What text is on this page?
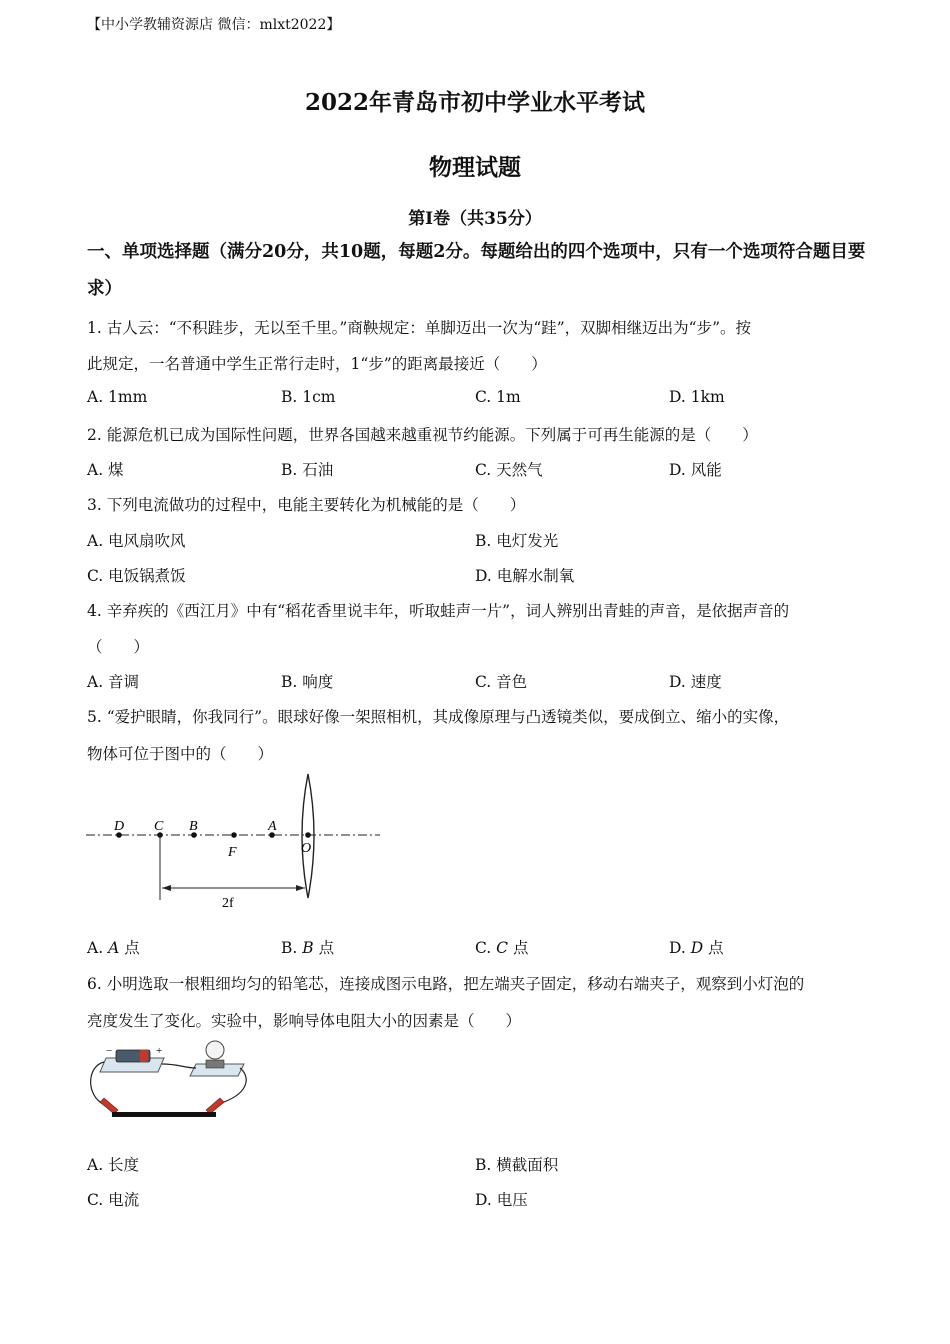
【中小学教辅资源店 微信：mlxt2022】
2022年青岛市初中学业水平考试
物理试题
第I卷（共35分）
一、单项选择题（满分20分，共10题，每题2分。每题给出的四个选项中，只有一个选项符合题目要求）
1. 古人云：“不积跬步，无以至千里。”商鞅规定：单脚迈出一次为“跬”，双脚相继迈出为“步”。按
此规定，一名普通中学生正常行走时，1“步”的距离最接近（　　）
A. 1mm	B. 1cm	C. 1m	D. 1km
2. 能源危机已成为国际性问题，世界各国越来越重视节约能源。下列属于可再生能源的是（　　）
A. 煤	B. 石油	C. 天然气	D. 风能
3. 下列电流做功的过程中，电能主要转化为机械能的是（　　）
A. 电风扇吹风	B. 电灯发光
C. 电饭锅煮饭	D. 电解水制氧
4. 辛弃疾的《西江月》中有“稻花香里说丰年，听取蛙声一片”，词人辨别出青蛙的声音，是依据声音的
（　　）
A. 音调	B. 响度	C. 音色	D. 速度
5. “爱护眼睛，你我同行”。眼球好像一架照相机，其成像原理与凸透镜类似，要成倒立、缩小的实像，
物体可位于图中的（　　）
D C B
F
A
O
2f
A. A 点	B. B 点	C. C 点	D. D 点
6. 小明选取一根粗细均匀的铅笔芯，连接成图示电路，把左端夹子固定，移动右端夹子，观察到小灯泡的
亮度发生了变化。实验中，影响导体电阻大小的因素是（　　）
−	+
A. 长度	B. 横截面积
C. 电流	D. 电压
